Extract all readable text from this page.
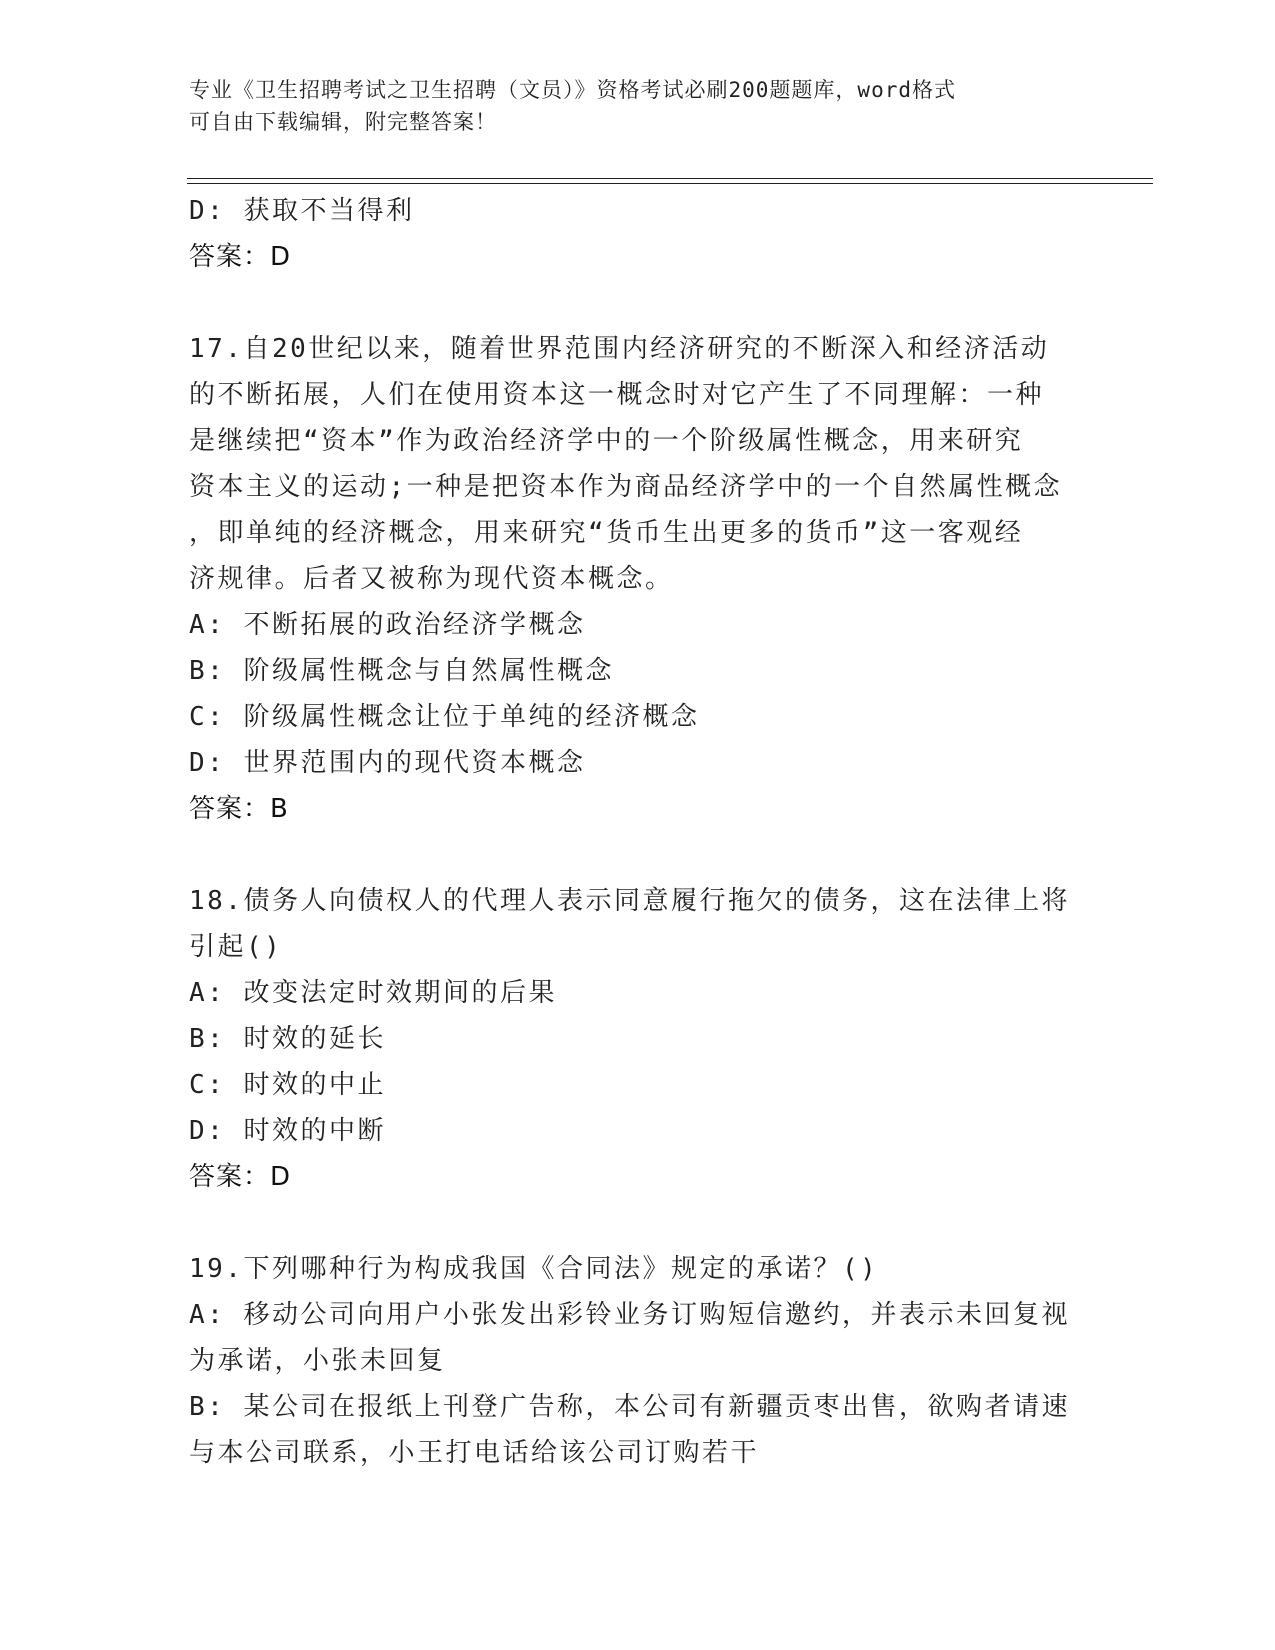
专业《卫生招聘考试之卫生招聘（文员）》资格考试必刷200题题库，word格式
可自由下载编辑，附完整答案！
D: 获取不当得利
答案：D
17.自20世纪以来，随着世界范围内经济研究的不断深入和经济活动
的不断拓展，人们在使用资本这一概念时对它产生了不同理解：一种
是继续把“资本”作为政治经济学中的一个阶级属性概念，用来研究
资本主义的运动;一种是把资本作为商品经济学中的一个自然属性概念
，即单纯的经济概念，用来研究“货币生出更多的货币”这一客观经
济规律。后者又被称为现代资本概念。
A: 不断拓展的政治经济学概念
B: 阶级属性概念与自然属性概念
C: 阶级属性概念让位于单纯的经济概念
D: 世界范围内的现代资本概念
答案：B
18.债务人向债权人的代理人表示同意履行拖欠的债务，这在法律上将
引起()
A: 改变法定时效期间的后果
B: 时效的延长
C: 时效的中止
D: 时效的中断
答案：D
19.下列哪种行为构成我国《合同法》规定的承诺？()
A: 移动公司向用户小张发出彩铃业务订购短信邀约，并表示未回复视
为承诺，小张未回复
B: 某公司在报纸上刊登广告称，本公司有新疆贡枣出售，欲购者请速
与本公司联系，小王打电话给该公司订购若干
